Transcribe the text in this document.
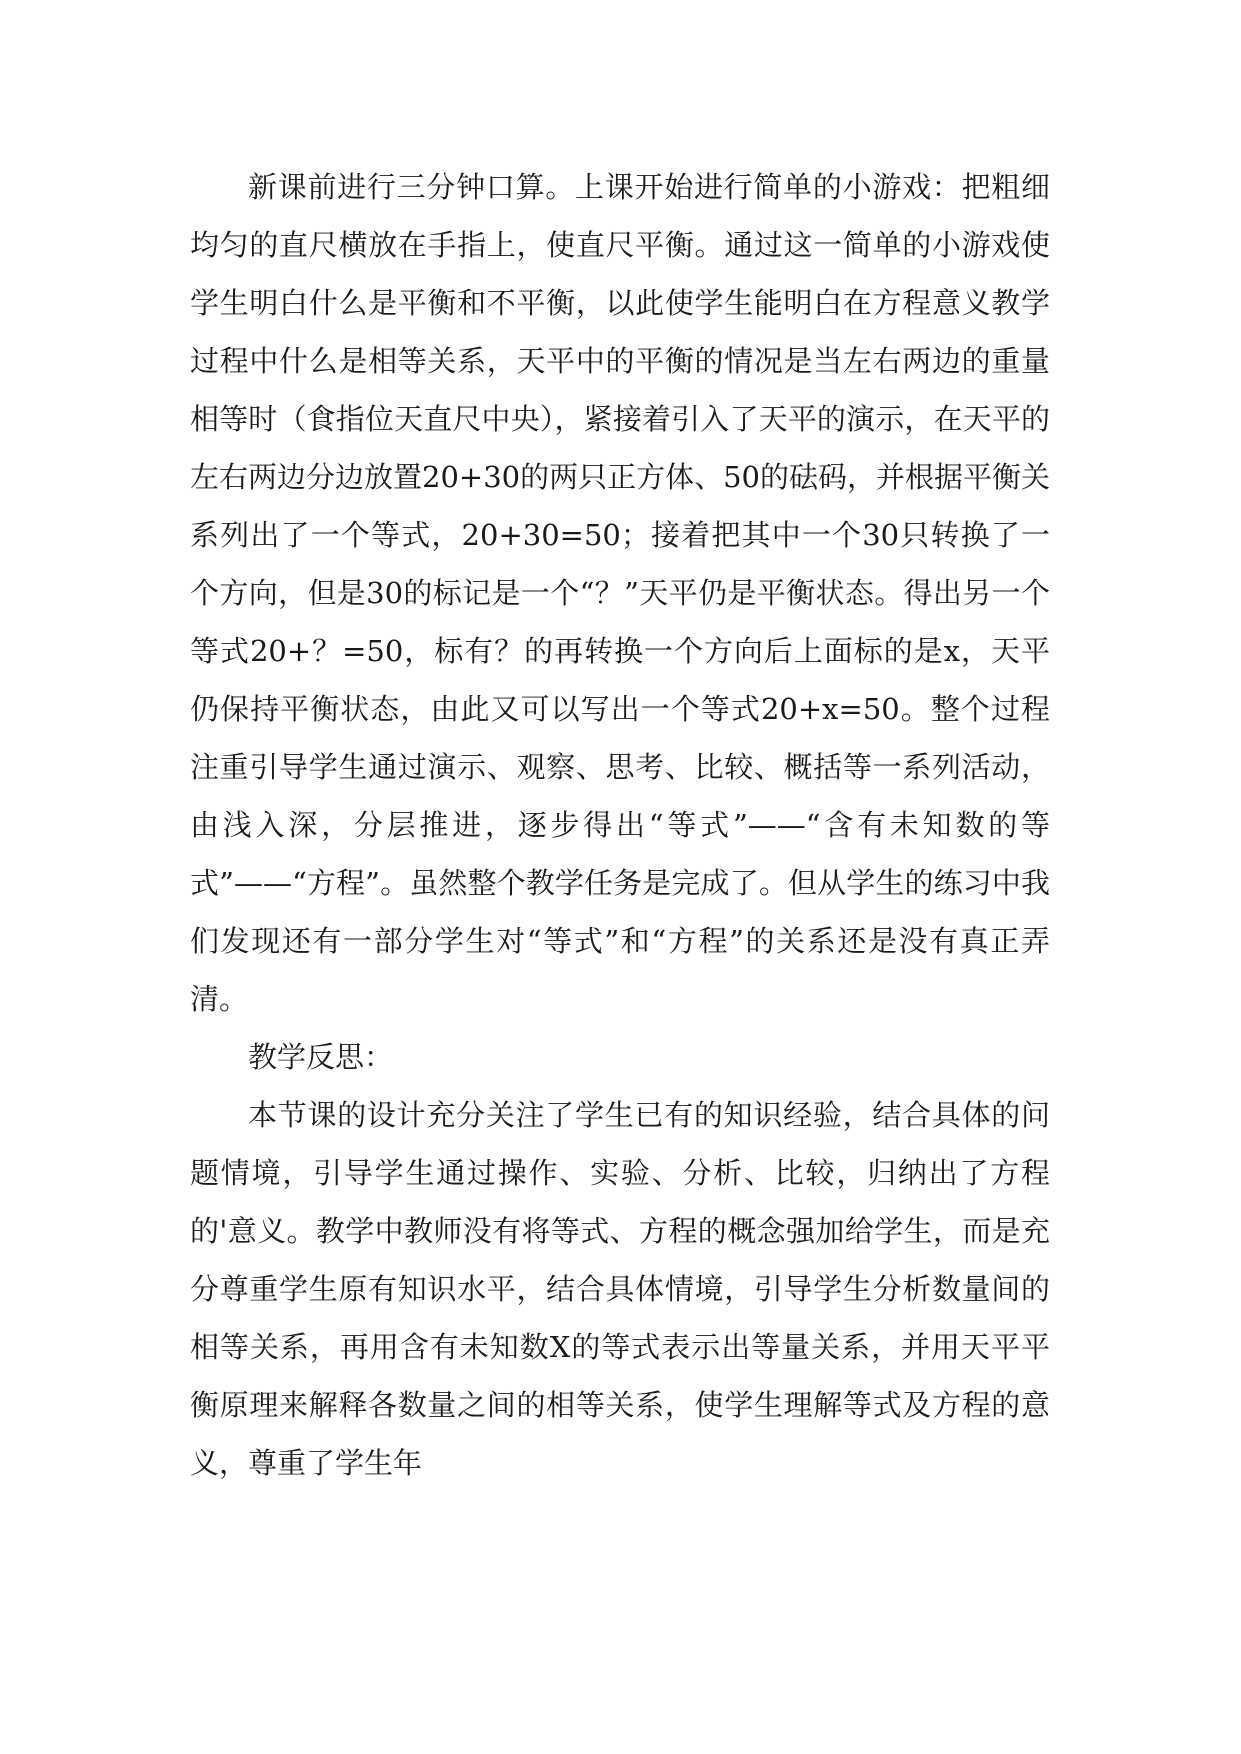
新课前进行三分钟口算。上课开始进行简单的小游戏：把粗细均匀的直尺横放在手指上，使直尺平衡。通过这一简单的小游戏使学生明白什么是平衡和不平衡，以此使学生能明白在方程意义教学过程中什么是相等关系，天平中的平衡的情况是当左右两边的重量相等时（食指位天直尺中央），紧接着引入了天平的演示，在天平的左右两边分边放置20+30的两只正方体、50的砝码，并根据平衡关系列出了一个等式，20+30=50；接着把其中一个30只转换了一个方向，但是30的标记是一个“？”天平仍是平衡状态。得出另一个等式20+？=50，标有？的再转换一个方向后上面标的是x，天平仍保持平衡状态，由此又可以写出一个等式20+x=50。整个过程注重引导学生通过演示、观察、思考、比较、概括等一系列活动，由浅入深，分层推进，逐步得出“等式”——“含有未知数的等式”——“方程”。虽然整个教学任务是完成了。但从学生的练习中我们发现还有一部分学生对“等式”和“方程”的关系还是没有真正弄清。

教学反思：

本节课的设计充分关注了学生已有的知识经验，结合具体的问题情境，引导学生通过操作、实验、分析、比较，归纳出了方程的'意义。教学中教师没有将等式、方程的概念强加给学生，而是充分尊重学生原有知识水平，结合具体情境，引导学生分析数量间的相等关系，再用含有未知数X的等式表示出等量关系，并用天平平衡原理来解释各数量之间的相等关系，使学生理解等式及方程的意义，尊重了学生年
